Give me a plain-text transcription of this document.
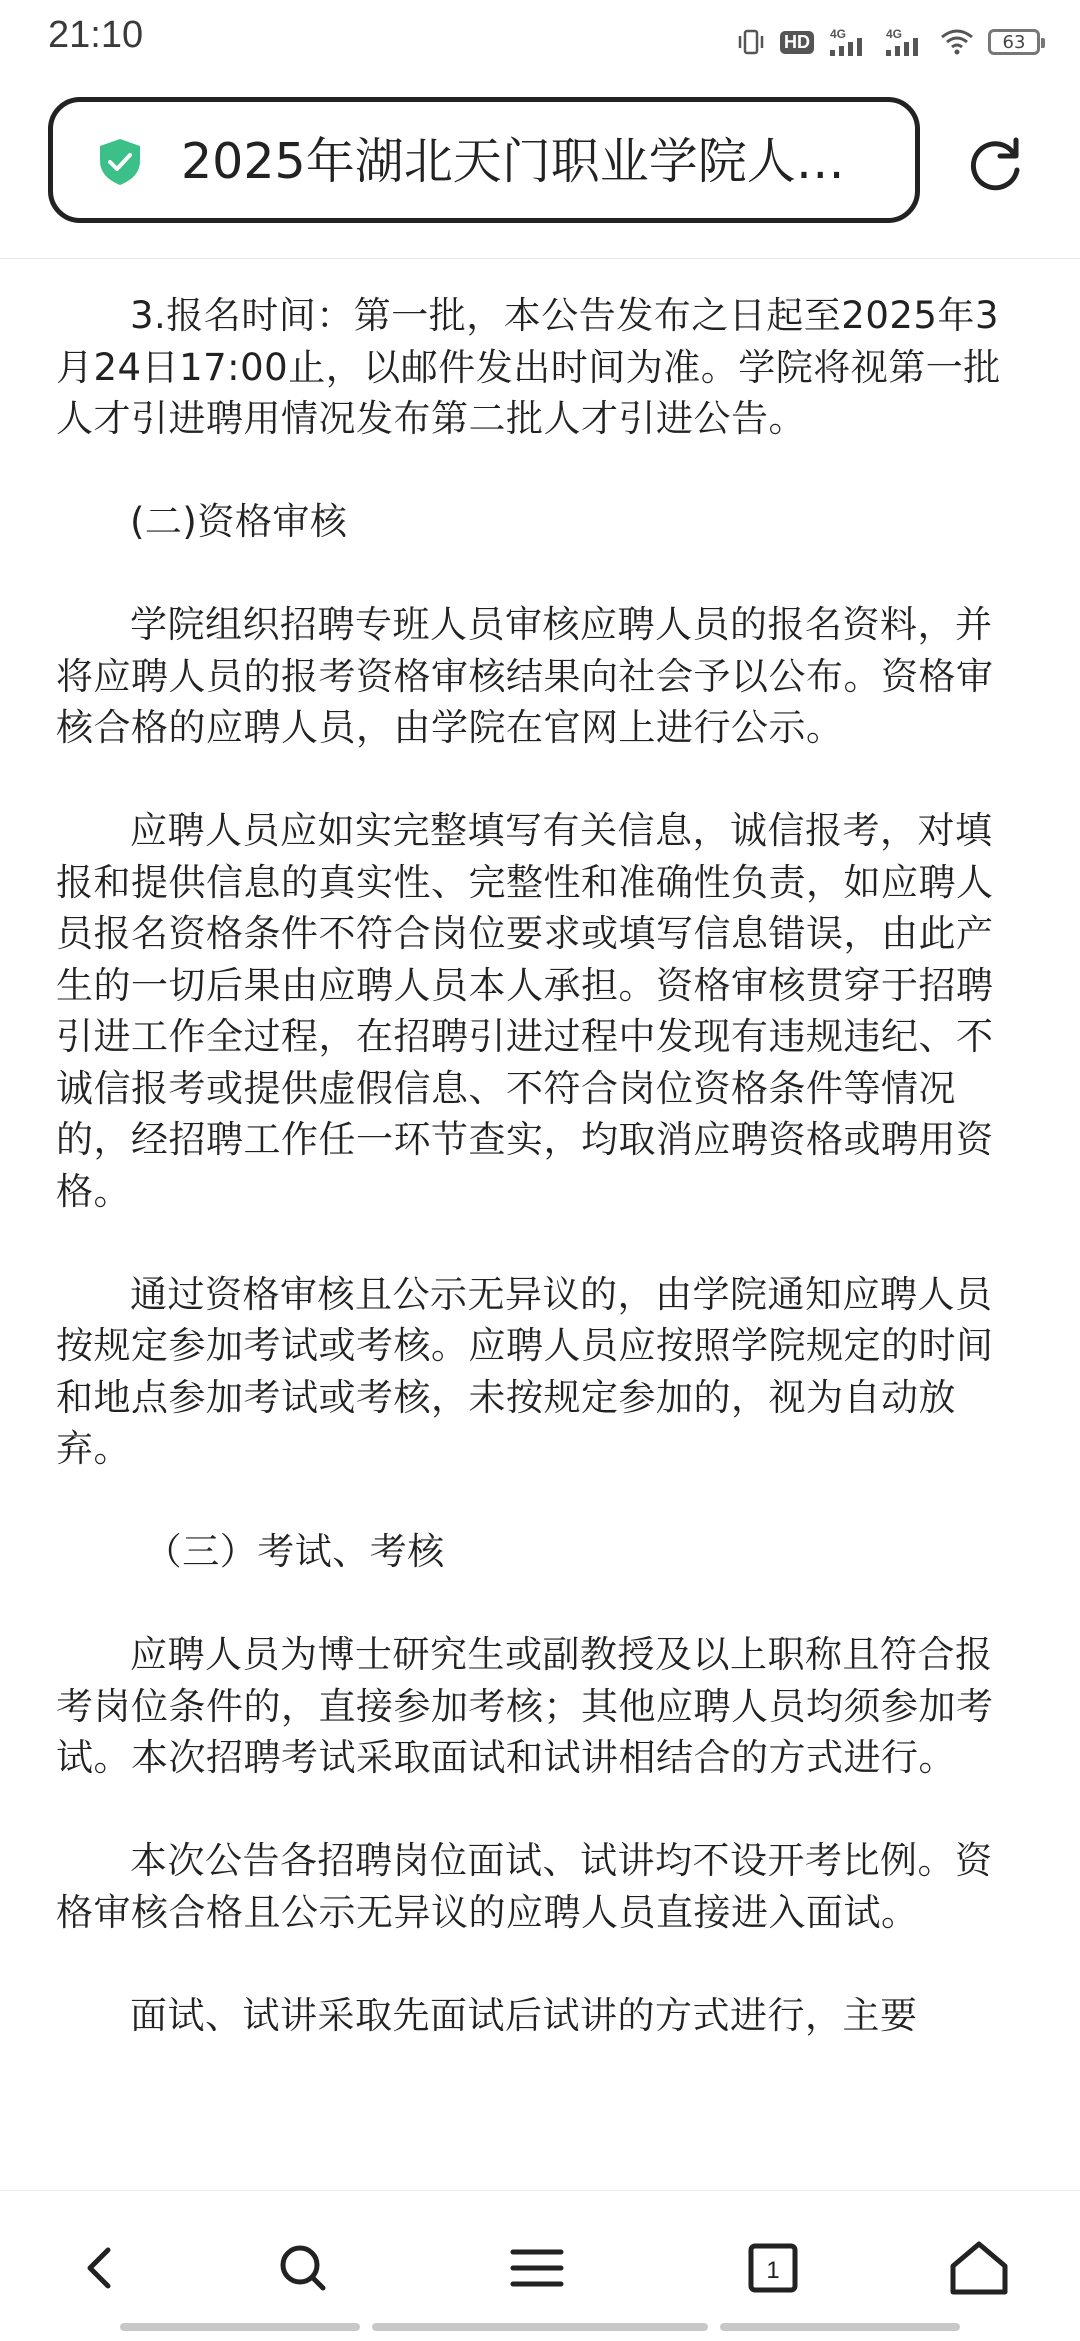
21:10	HD	4G	4G	63
2025年湖北天门职业学院人…

3.报名时间：第一批，本公告发布之日起至2025年3月24日17:00止，以邮件发出时间为准。学院将视第一批人才引进聘用情况发布第二批人才引进公告。

(二)资格审核

学院组织招聘专班人员审核应聘人员的报名资料，并将应聘人员的报考资格审核结果向社会予以公布。资格审核合格的应聘人员，由学院在官网上进行公示。

应聘人员应如实完整填写有关信息，诚信报考，对填报和提供信息的真实性、完整性和准确性负责，如应聘人员报名资格条件不符合岗位要求或填写信息错误，由此产生的一切后果由应聘人员本人承担。资格审核贯穿于招聘引进工作全过程，在招聘引进过程中发现有违规违纪、不诚信报考或提供虚假信息、不符合岗位资格条件等情况的，经招聘工作任一环节查实，均取消应聘资格或聘用资格。

通过资格审核且公示无异议的，由学院通知应聘人员按规定参加考试或考核。应聘人员应按照学院规定的时间和地点参加考试或考核，未按规定参加的，视为自动放弃。

（三）考试、考核

应聘人员为博士研究生或副教授及以上职称且符合报考岗位条件的，直接参加考核；其他应聘人员均须参加考试。本次招聘考试采取面试和试讲相结合的方式进行。

本次公告各招聘岗位面试、试讲均不设开考比例。资格审核合格且公示无异议的应聘人员直接进入面试。

面试、试讲采取先面试后试讲的方式进行，主要

1
